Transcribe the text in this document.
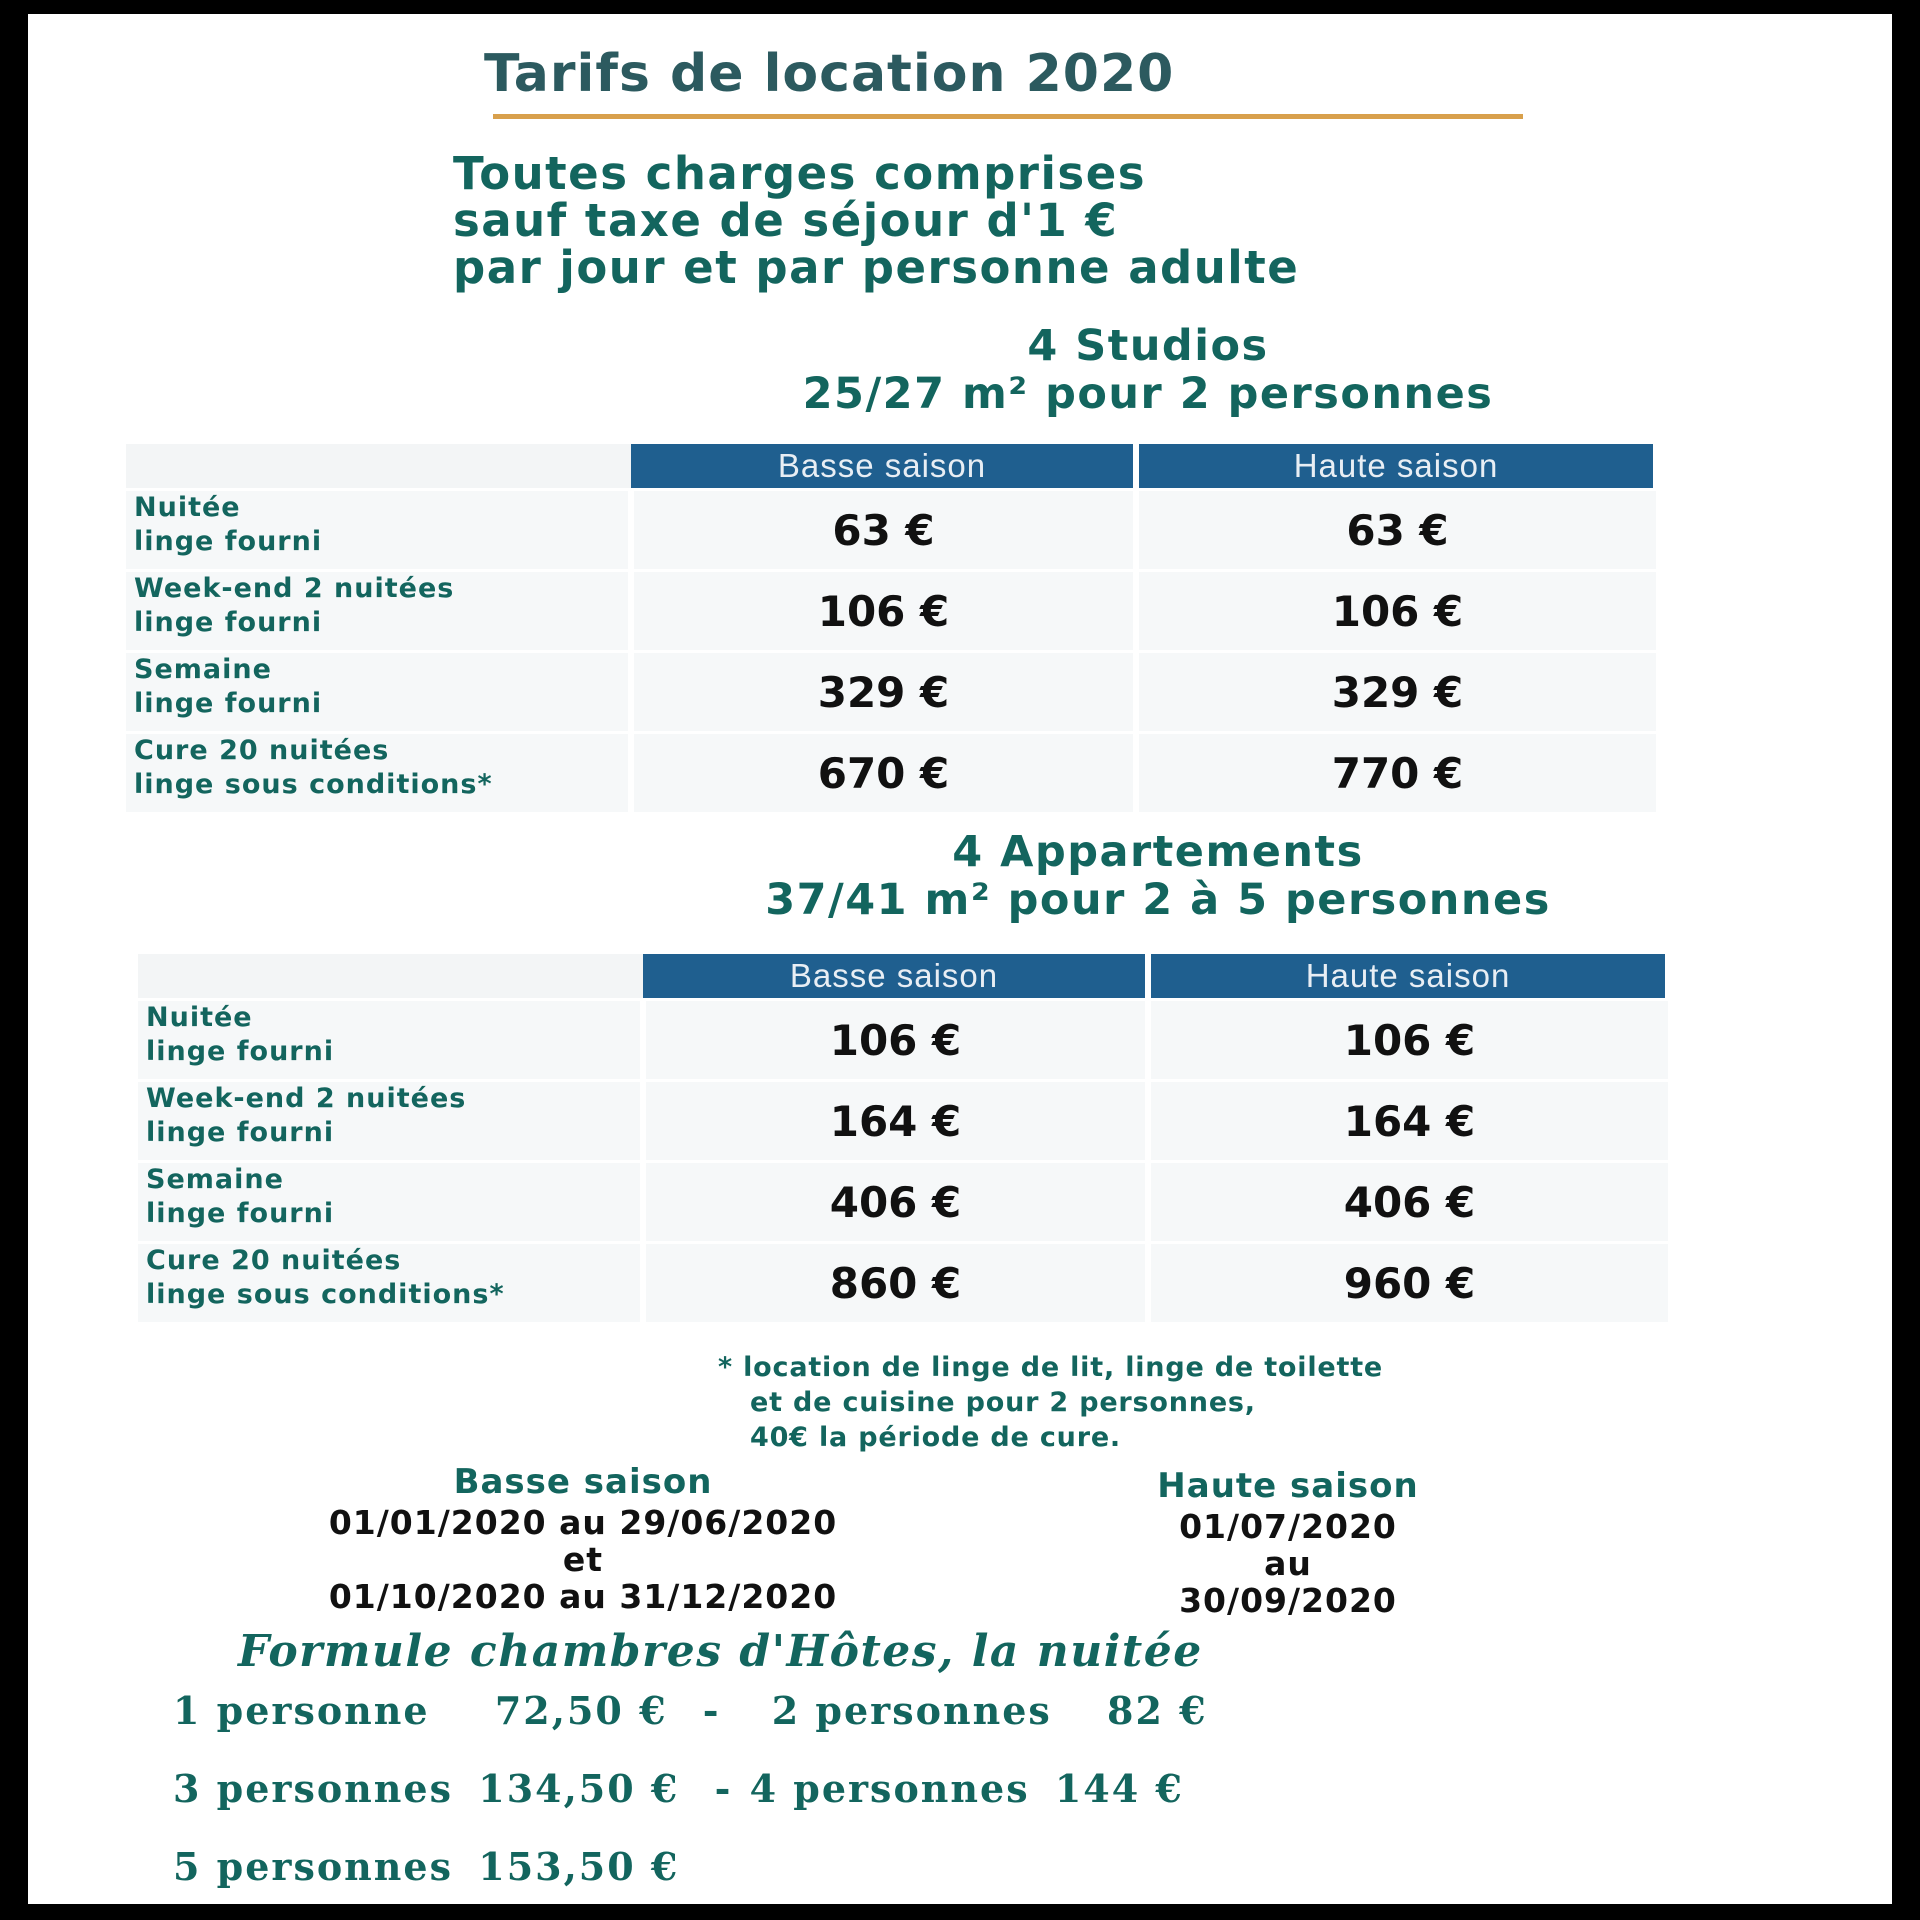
Tarifs de location 2020
Toutes charges comprises
sauf taxe de séjour d'1 €
par jour et par personne adulte
4 Studios
25/27 m² pour 2 personnes
	Basse saison	Haute saison

Nuitée
linge fourni	63 €	63 €

Week-end 2 nuitées
linge fourni	106 €	106 €

Semaine
linge fourni	329 €	329 €

Cure 20 nuitées
linge sous conditions*	670 €	770 €
4 Appartements
37/41 m² pour 2 à 5 personnes
	Basse saison	Haute saison

Nuitée
linge fourni	106 €	106 €

Week-end 2 nuitées
linge fourni	164 €	164 €

Semaine
linge fourni	406 €	406 €

Cure 20 nuitées
linge sous conditions*	860 €	960 €
* location de linge de lit, linge de toilette
et de cuisine pour 2 personnes,
40€ la période de cure.
Basse saison
01/01/2020 au 29/06/2020
et
01/10/2020 au 31/12/2020
Haute saison
01/07/2020
au
30/09/2020
Formule chambres d'Hôtes, la nuitée
1 personne 72,50 € - 2 personnes 82 €
3 personnes 134,50 € - 4 personnes 144 €
5 personnes 153,50 €
